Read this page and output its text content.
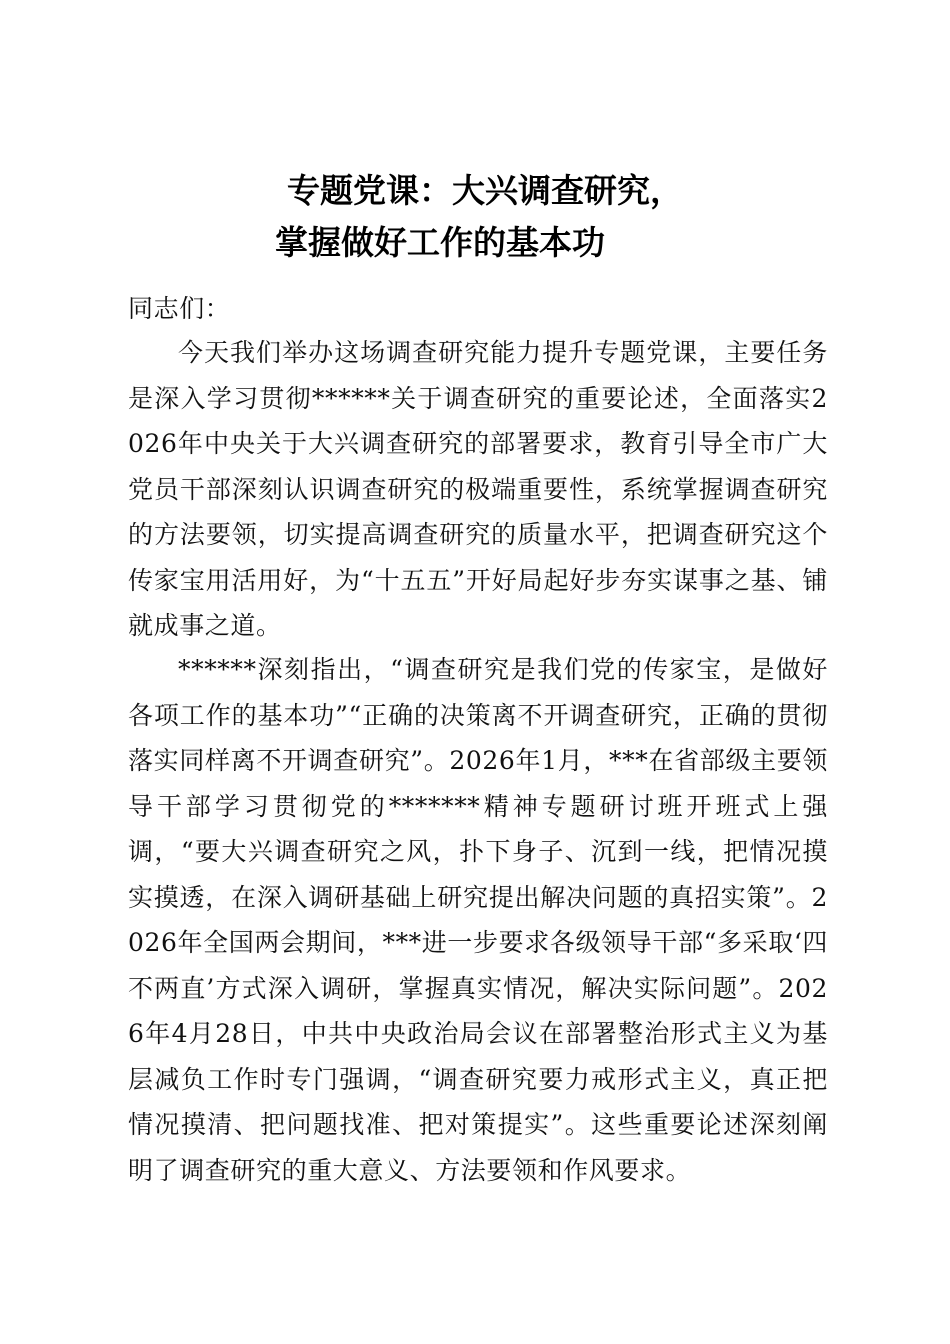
专题党课：大兴调查研究，
掌握做好工作的基本功

同志们：

今天我们举办这场调查研究能力提升专题党课，主要任务是深入学习贯彻******关于调查研究的重要论述，全面落实2026年中央关于大兴调查研究的部署要求，教育引导全市广大党员干部深刻认识调查研究的极端重要性，系统掌握调查研究的方法要领，切实提高调查研究的质量水平，把调查研究这个传家宝用活用好，为“十五五”开好局起好步夯实谋事之基、铺就成事之道。

******深刻指出，“调查研究是我们党的传家宝，是做好各项工作的基本功”“正确的决策离不开调查研究，正确的贯彻落实同样离不开调查研究”。2026年1月，***在省部级主要领导干部学习贯彻党的*******精神专题研讨班开班式上强调，“要大兴调查研究之风，扑下身子、沉到一线，把情况摸实摸透，在深入调研基础上研究提出解决问题的真招实策”。2026年全国两会期间，***进一步要求各级领导干部“多采取‘四不两直’方式深入调研，掌握真实情况，解决实际问题”。2026年4月28日，中共中央政治局会议在部署整治形式主义为基层减负工作时专门强调，“调查研究要力戒形式主义，真正把情况摸清、把问题找准、把对策提实”。这些重要论述深刻阐明了调查研究的重大意义、方法要领和作风要求。
